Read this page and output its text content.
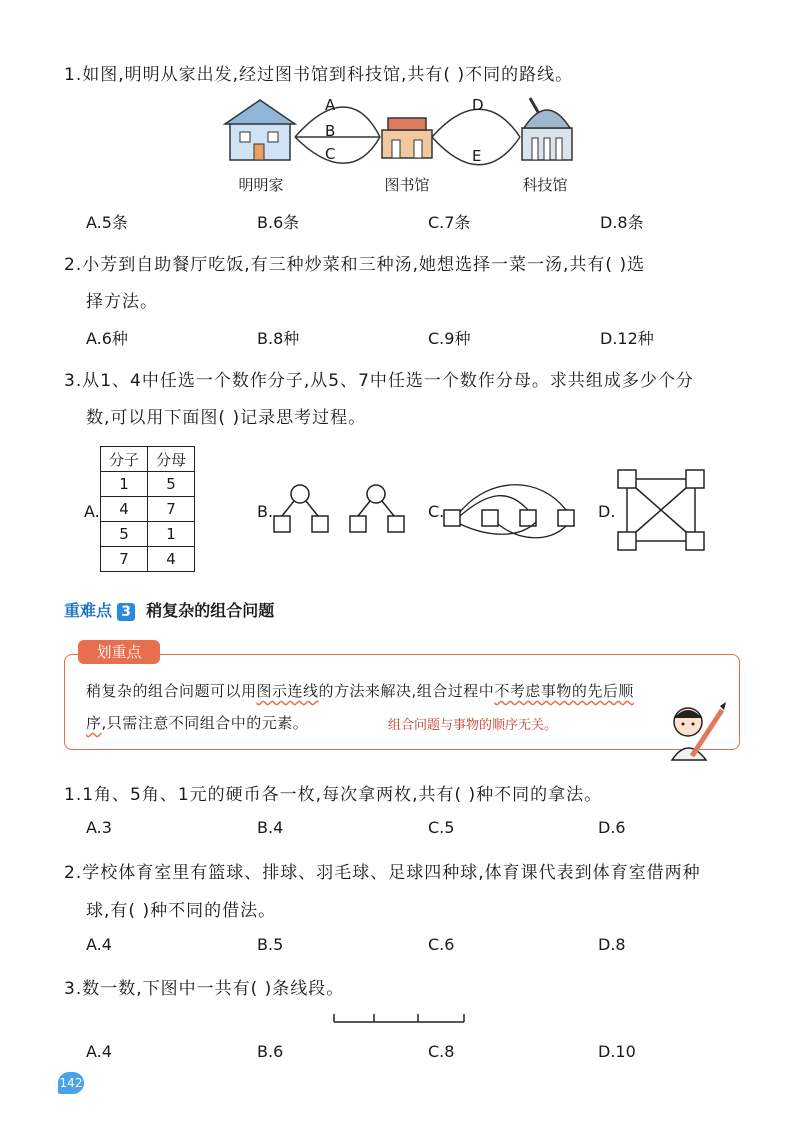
1.如图,明明从家出发,经过图书馆到科技馆,共有( )不同的路线。
A
B
C
D
E
明明家	图书馆	科技馆
A.5条	B.6条	C.7条	D.8条
2.小芳到自助餐厅吃饭,有三种炒菜和三种汤,她想选择一菜一汤,共有( )选
择方法。
A.6种	B.8种	C.9种	D.12种
3.从1、4中任选一个数作分子,从5、7中任选一个数作分母。求共组成多少个分
数,可以用下面图( )记录思考过程。
A.
分子	分母
1	5
4	7
5	1
7	4
B.	C.	D.
重难点 3 稍复杂的组合问题
划重点
稍复杂的组合问题可以用图示连线的方法来解决,组合过程中不考虑事物的先后顺
序,只需注意不同组合中的元素。	组合问题与事物的顺序无关。
1.1角、5角、1元的硬币各一枚,每次拿两枚,共有( )种不同的拿法。
A.3	B.4	C.5	D.6
2.学校体育室里有篮球、排球、羽毛球、足球四种球,体育课代表到体育室借两种
球,有( )种不同的借法。
A.4	B.5	C.6	D.8
3.数一数,下图中一共有( )条线段。
A.4	B.6	C.8	D.10
142
